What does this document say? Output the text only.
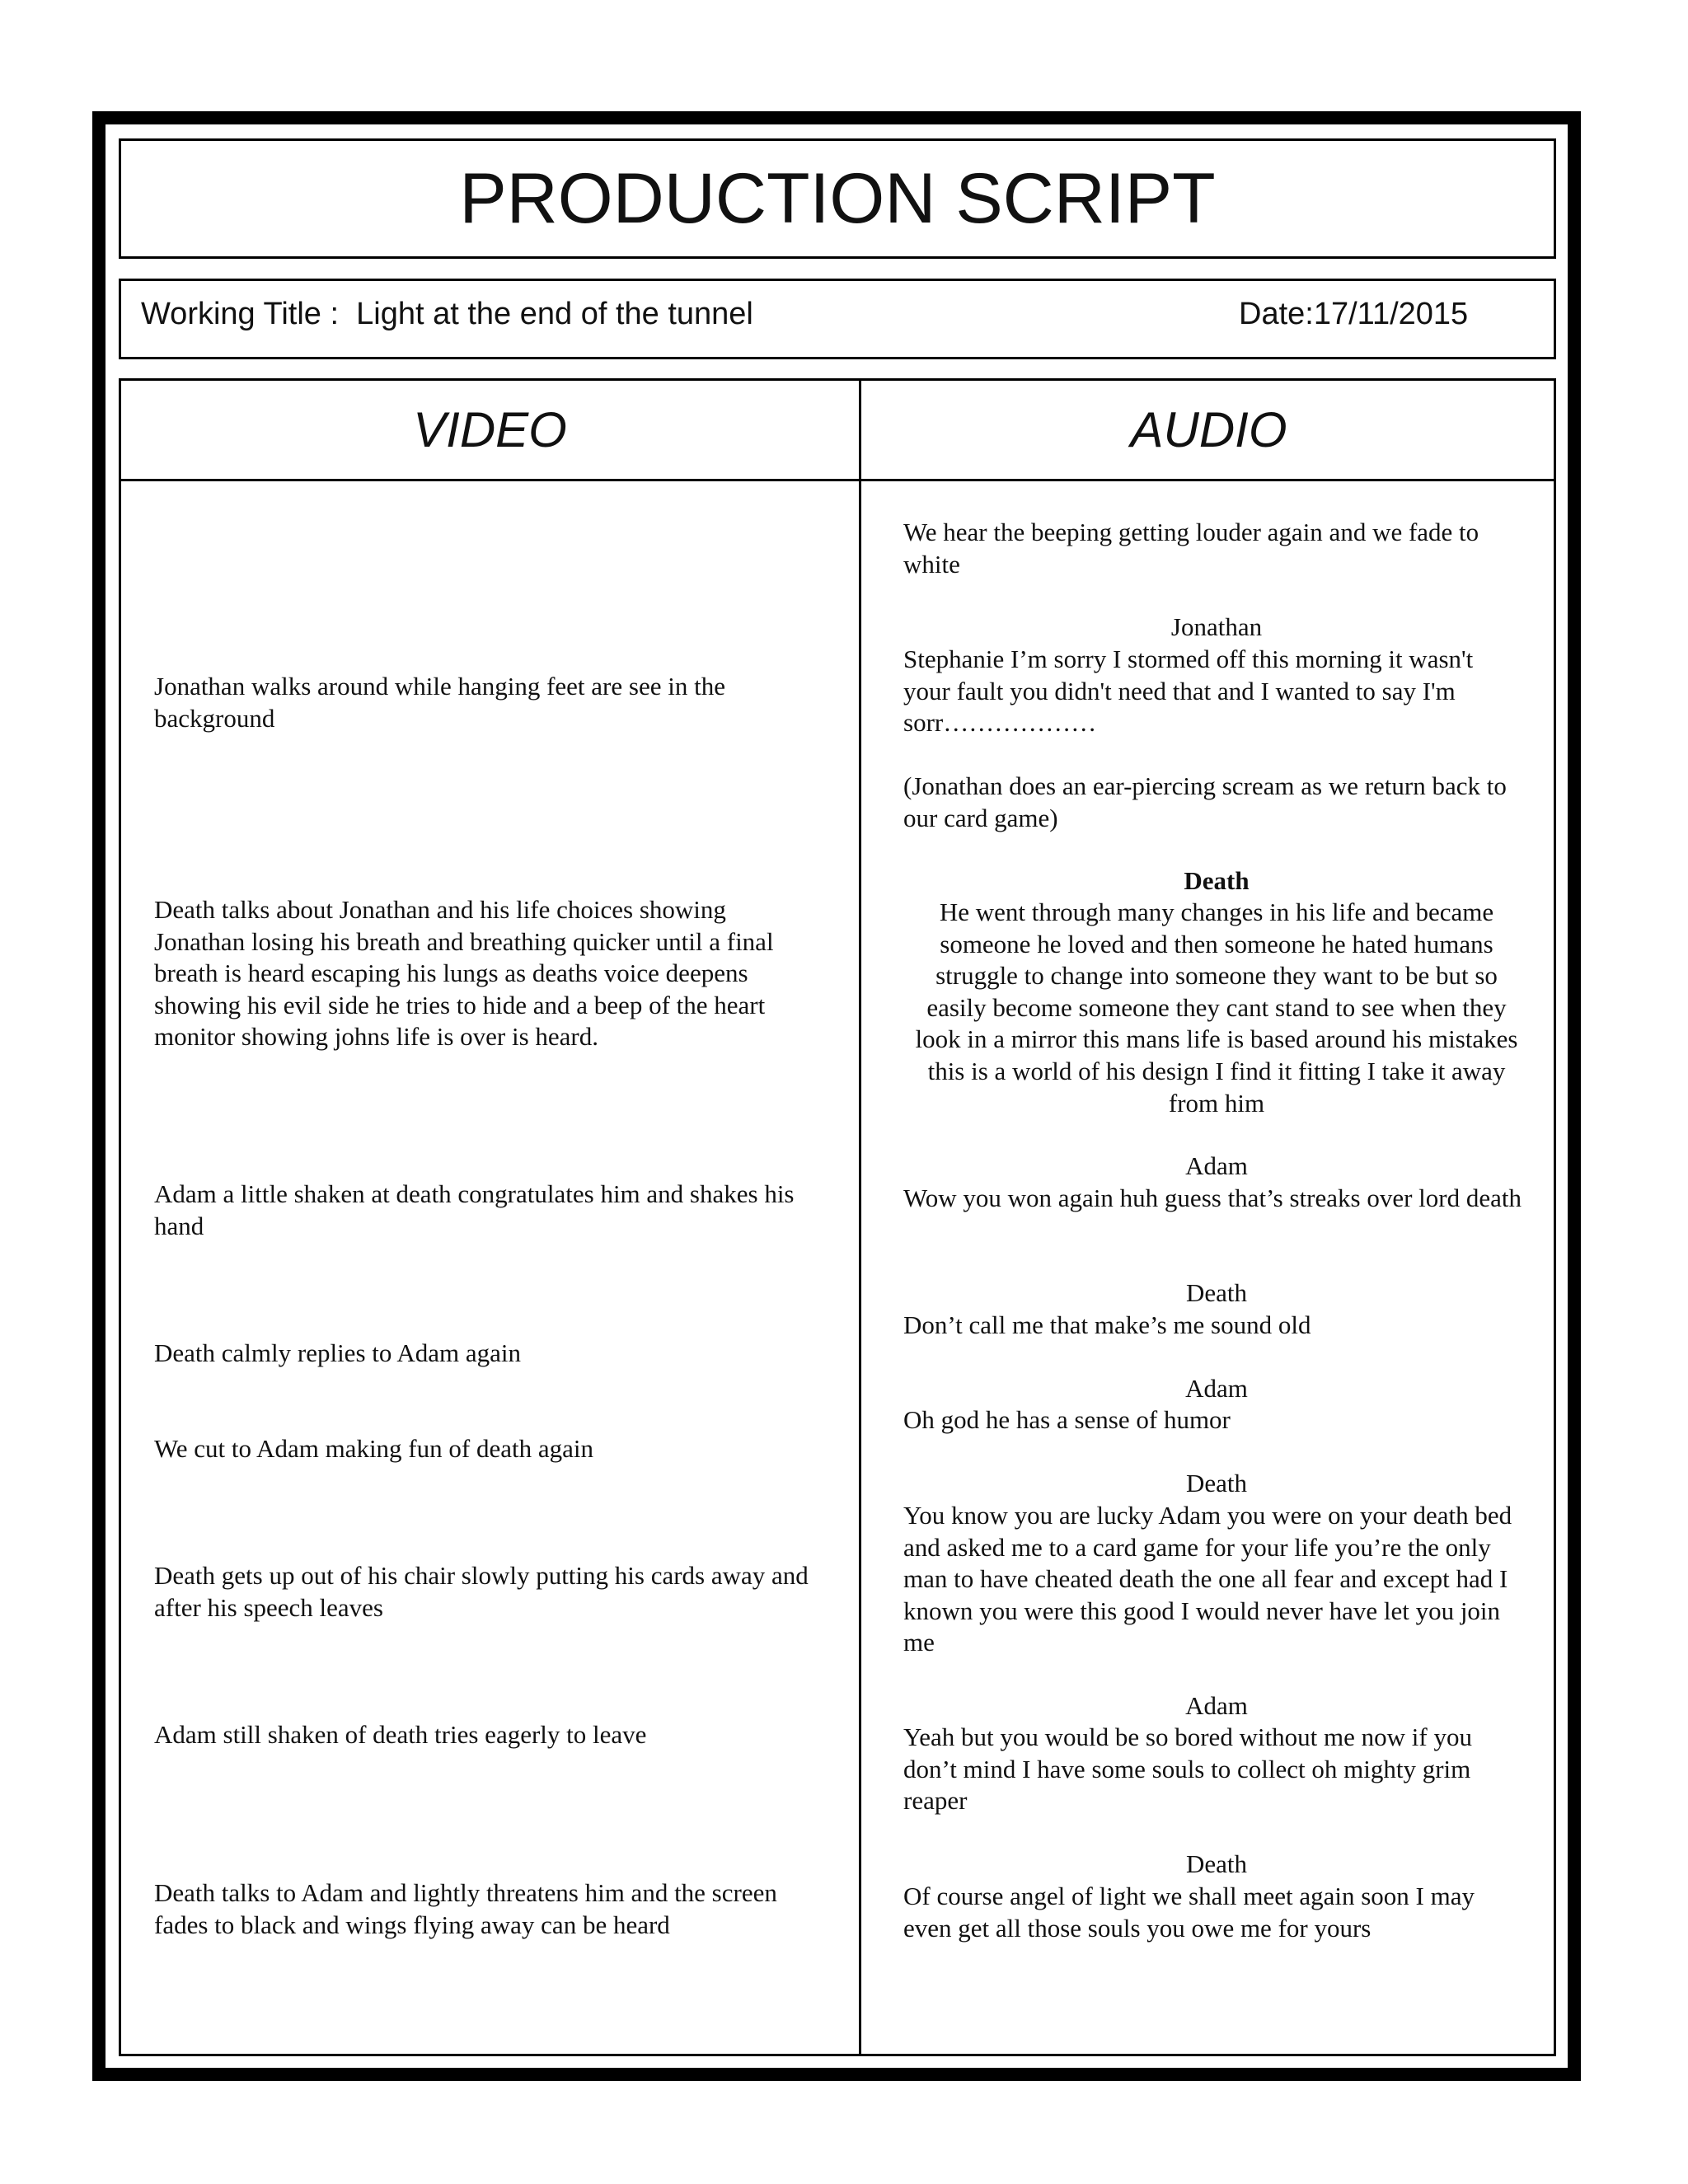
PRODUCTION SCRIPT
Working Title :  Light at the end of the tunnel	Date:17/11/2015
VIDEO	AUDIO
Jonathan walks around while hanging feet are see in the background
Death talks about Jonathan and his life choices showing Jonathan losing his breath and breathing quicker until a final breath is heard escaping his lungs as deaths voice deepens showing his evil side he tries to hide and a beep of the heart monitor showing johns life is over is heard.
Adam a little shaken at death congratulates him and shakes his hand
Death calmly replies to Adam again
We cut to Adam making fun of death again
Death gets up out of his chair slowly putting his cards away and after his speech leaves
Adam still shaken of death tries eagerly to leave
Death talks to Adam and lightly threatens him and the screen fades to black and wings flying away can be heard
We hear the beeping getting louder again and we fade to white
Jonathan
Stephanie I’m sorry I stormed off this morning it wasn't your fault you didn't need that and I wanted to say I'm sorr………………
(Jonathan does an ear-piercing scream as we return back to our card game)
Death
He went through many changes in his life and became someone he loved and then someone he hated humans struggle to change into someone they want to be but so easily become someone they cant stand to see when they look in a mirror this mans life is based around his mistakes this is a world of his design I find it fitting I take it away from him
Adam
Wow you won again huh guess that’s streaks over lord death
Death
Don’t call me that make’s me sound old
Adam
Oh god he has a sense of humor
Death
You know you are lucky Adam you were on your death bed and asked me to a card game for your life you’re the only man to have cheated death the one all fear and except had I known you were this good I would never have let you join me
Adam
Yeah but you would be so bored without me now if you don’t mind I have some souls to collect oh mighty grim reaper
Death
Of course angel of light we shall meet again soon I may even get all those souls you owe me for yours
